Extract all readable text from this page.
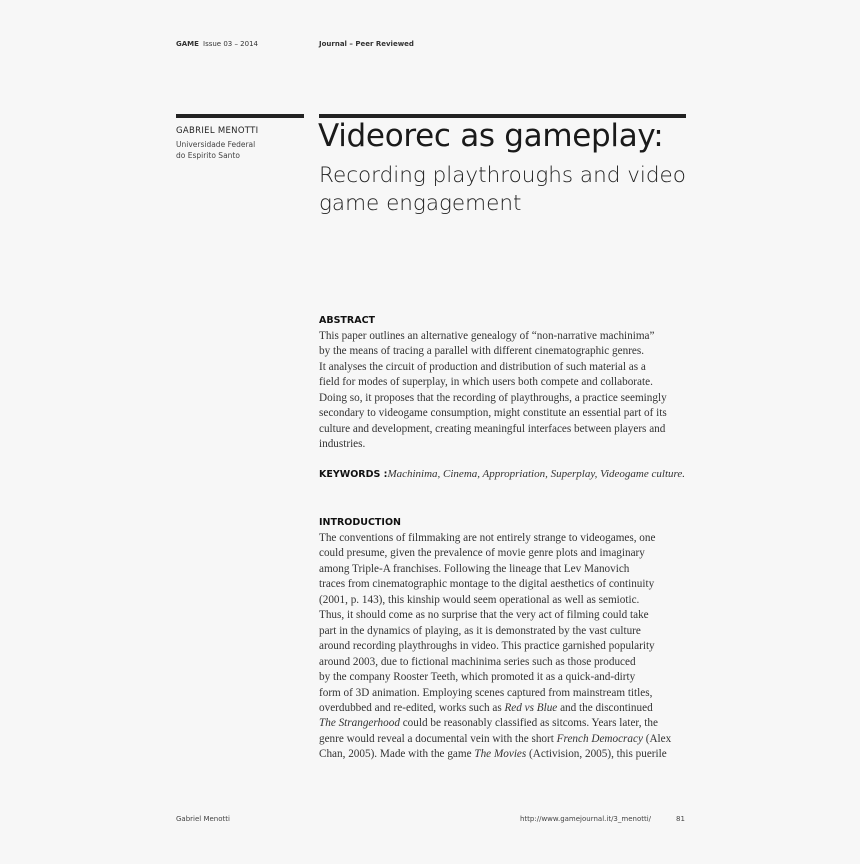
GAME Issue 03 – 2014	Journal – Peer Reviewed
GABRIEL MENOTTI
Universidade Federal
do Espirito Santo
Videorec as gameplay:
Recording playthroughs and video game engagement
ABSTRACT
This paper outlines an alternative genealogy of “non-narrative machinima”
by the means of tracing a parallel with different cinematographic genres.
It analyses the circuit of production and distribution of such material as a
field for modes of superplay, in which users both compete and collaborate.
Doing so, it proposes that the recording of playthroughs, a practice seemingly
secondary to videogame consumption, might constitute an essential part of its
culture and development, creating meaningful interfaces between players and
industries.
KEYWORDS :Machinima, Cinema, Appropriation, Superplay, Videogame culture.
INTRODUCTION
The conventions of filmmaking are not entirely strange to videogames, one
could presume, given the prevalence of movie genre plots and imaginary
among Triple-A franchises. Following the lineage that Lev Manovich
traces from cinematographic montage to the digital aesthetics of continuity
(2001, p. 143), this kinship would seem operational as well as semiotic.
Thus, it should come as no surprise that the very act of filming could take
part in the dynamics of playing, as it is demonstrated by the vast culture
around recording playthroughs in video. This practice garnished popularity
around 2003, due to fictional machinima series such as those produced
by the company Rooster Teeth, which promoted it as a quick-and-dirty
form of 3D animation. Employing scenes captured from mainstream titles,
overdubbed and re-edited, works such as Red vs Blue and the discontinued
The Strangerhood could be reasonably classified as sitcoms. Years later, the
genre would reveal a documental vein with the short French Democracy (Alex
Chan, 2005). Made with the game The Movies (Activision, 2005), this puerile
Gabriel Menotti	http://www.gamejournal.it/3_menotti/	81
